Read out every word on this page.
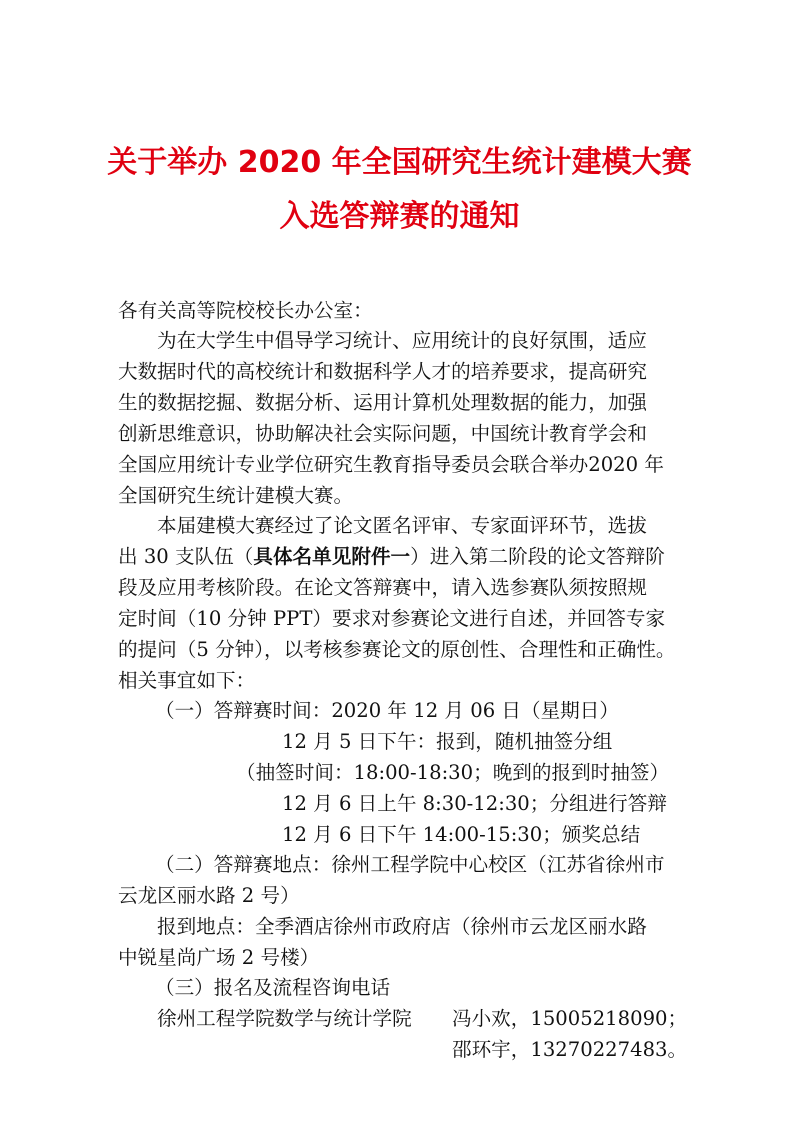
关于举办 2020 年全国研究生统计建模大赛
入选答辩赛的通知
各有关高等院校校长办公室：
为在大学生中倡导学习统计、应用统计的良好氛围，适应
大数据时代的高校统计和数据科学人才的培养要求，提高研究
生的数据挖掘、数据分析、运用计算机处理数据的能力，加强
创新思维意识，协助解决社会实际问题，中国统计教育学会和
全国应用统计专业学位研究生教育指导委员会联合举办2020 年
全国研究生统计建模大赛。
本届建模大赛经过了论文匿名评审、专家面评环节，选拔
出 30 支队伍（具体名单见附件一）进入第二阶段的论文答辩阶
段及应用考核阶段。在论文答辩赛中，请入选参赛队须按照规
定时间（10 分钟 PPT）要求对参赛论文进行自述，并回答专家
的提问（5 分钟），以考核参赛论文的原创性、合理性和正确性。
相关事宜如下：
（一）答辩赛时间：2020 年 12 月 06 日（星期日）
12 月 5 日下午：报到，随机抽签分组
（抽签时间：18:00-18:30；晚到的报到时抽签）
12 月 6 日上午 8:30-12:30；分组进行答辩
12 月 6 日下午 14:00-15:30；颁奖总结
（二）答辩赛地点：徐州工程学院中心校区（江苏省徐州市
云龙区丽水路 2 号）
报到地点：全季酒店徐州市政府店（徐州市云龙区丽水路
中锐星尚广场 2 号楼）
（三）报名及流程咨询电话
徐州工程学院数学与统计学院 冯小欢，15005218090；
邵环宇，13270227483。
